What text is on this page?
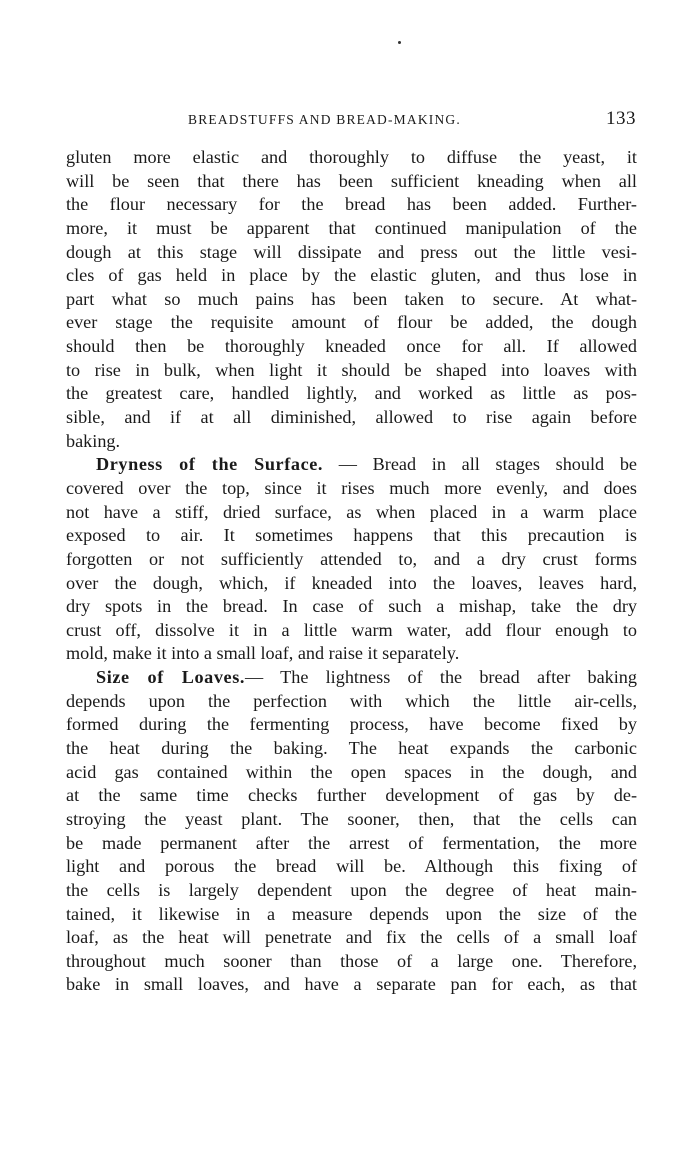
BREADSTUFFS AND BREAD-MAKING.	133
gluten more elastic and thoroughly to diffuse the yeast, it
will be seen that there has been sufficient kneading when all
the flour necessary for the bread has been added. Further-
more, it must be apparent that continued manipulation of the
dough at this stage will dissipate and press out the little vesi-
cles of gas held in place by the elastic gluten, and thus lose in
part what so much pains has been taken to secure. At what-
ever stage the requisite amount of flour be added, the dough
should then be thoroughly kneaded once for all. If allowed
to rise in bulk, when light it should be shaped into loaves with
the greatest care, handled lightly, and worked as little as pos-
sible, and if at all diminished, allowed to rise again before
baking.
Dryness of the Surface. — Bread in all stages should be
covered over the top, since it rises much more evenly, and does
not have a stiff, dried surface, as when placed in a warm place
exposed to air. It sometimes happens that this precaution is
forgotten or not sufficiently attended to, and a dry crust forms
over the dough, which, if kneaded into the loaves, leaves hard,
dry spots in the bread. In case of such a mishap, take the dry
crust off, dissolve it in a little warm water, add flour enough to
mold, make it into a small loaf, and raise it separately.
Size of Loaves.— The lightness of the bread after baking
depends upon the perfection with which the little air-cells,
formed during the fermenting process, have become fixed by
the heat during the baking. The heat expands the carbonic
acid gas contained within the open spaces in the dough, and
at the same time checks further development of gas by de-
stroying the yeast plant. The sooner, then, that the cells can
be made permanent after the arrest of fermentation, the more
light and porous the bread will be. Although this fixing of
the cells is largely dependent upon the degree of heat main-
tained, it likewise in a measure depends upon the size of the
loaf, as the heat will penetrate and fix the cells of a small loaf
throughout much sooner than those of a large one. Therefore,
bake in small loaves, and have a separate pan for each, as that
